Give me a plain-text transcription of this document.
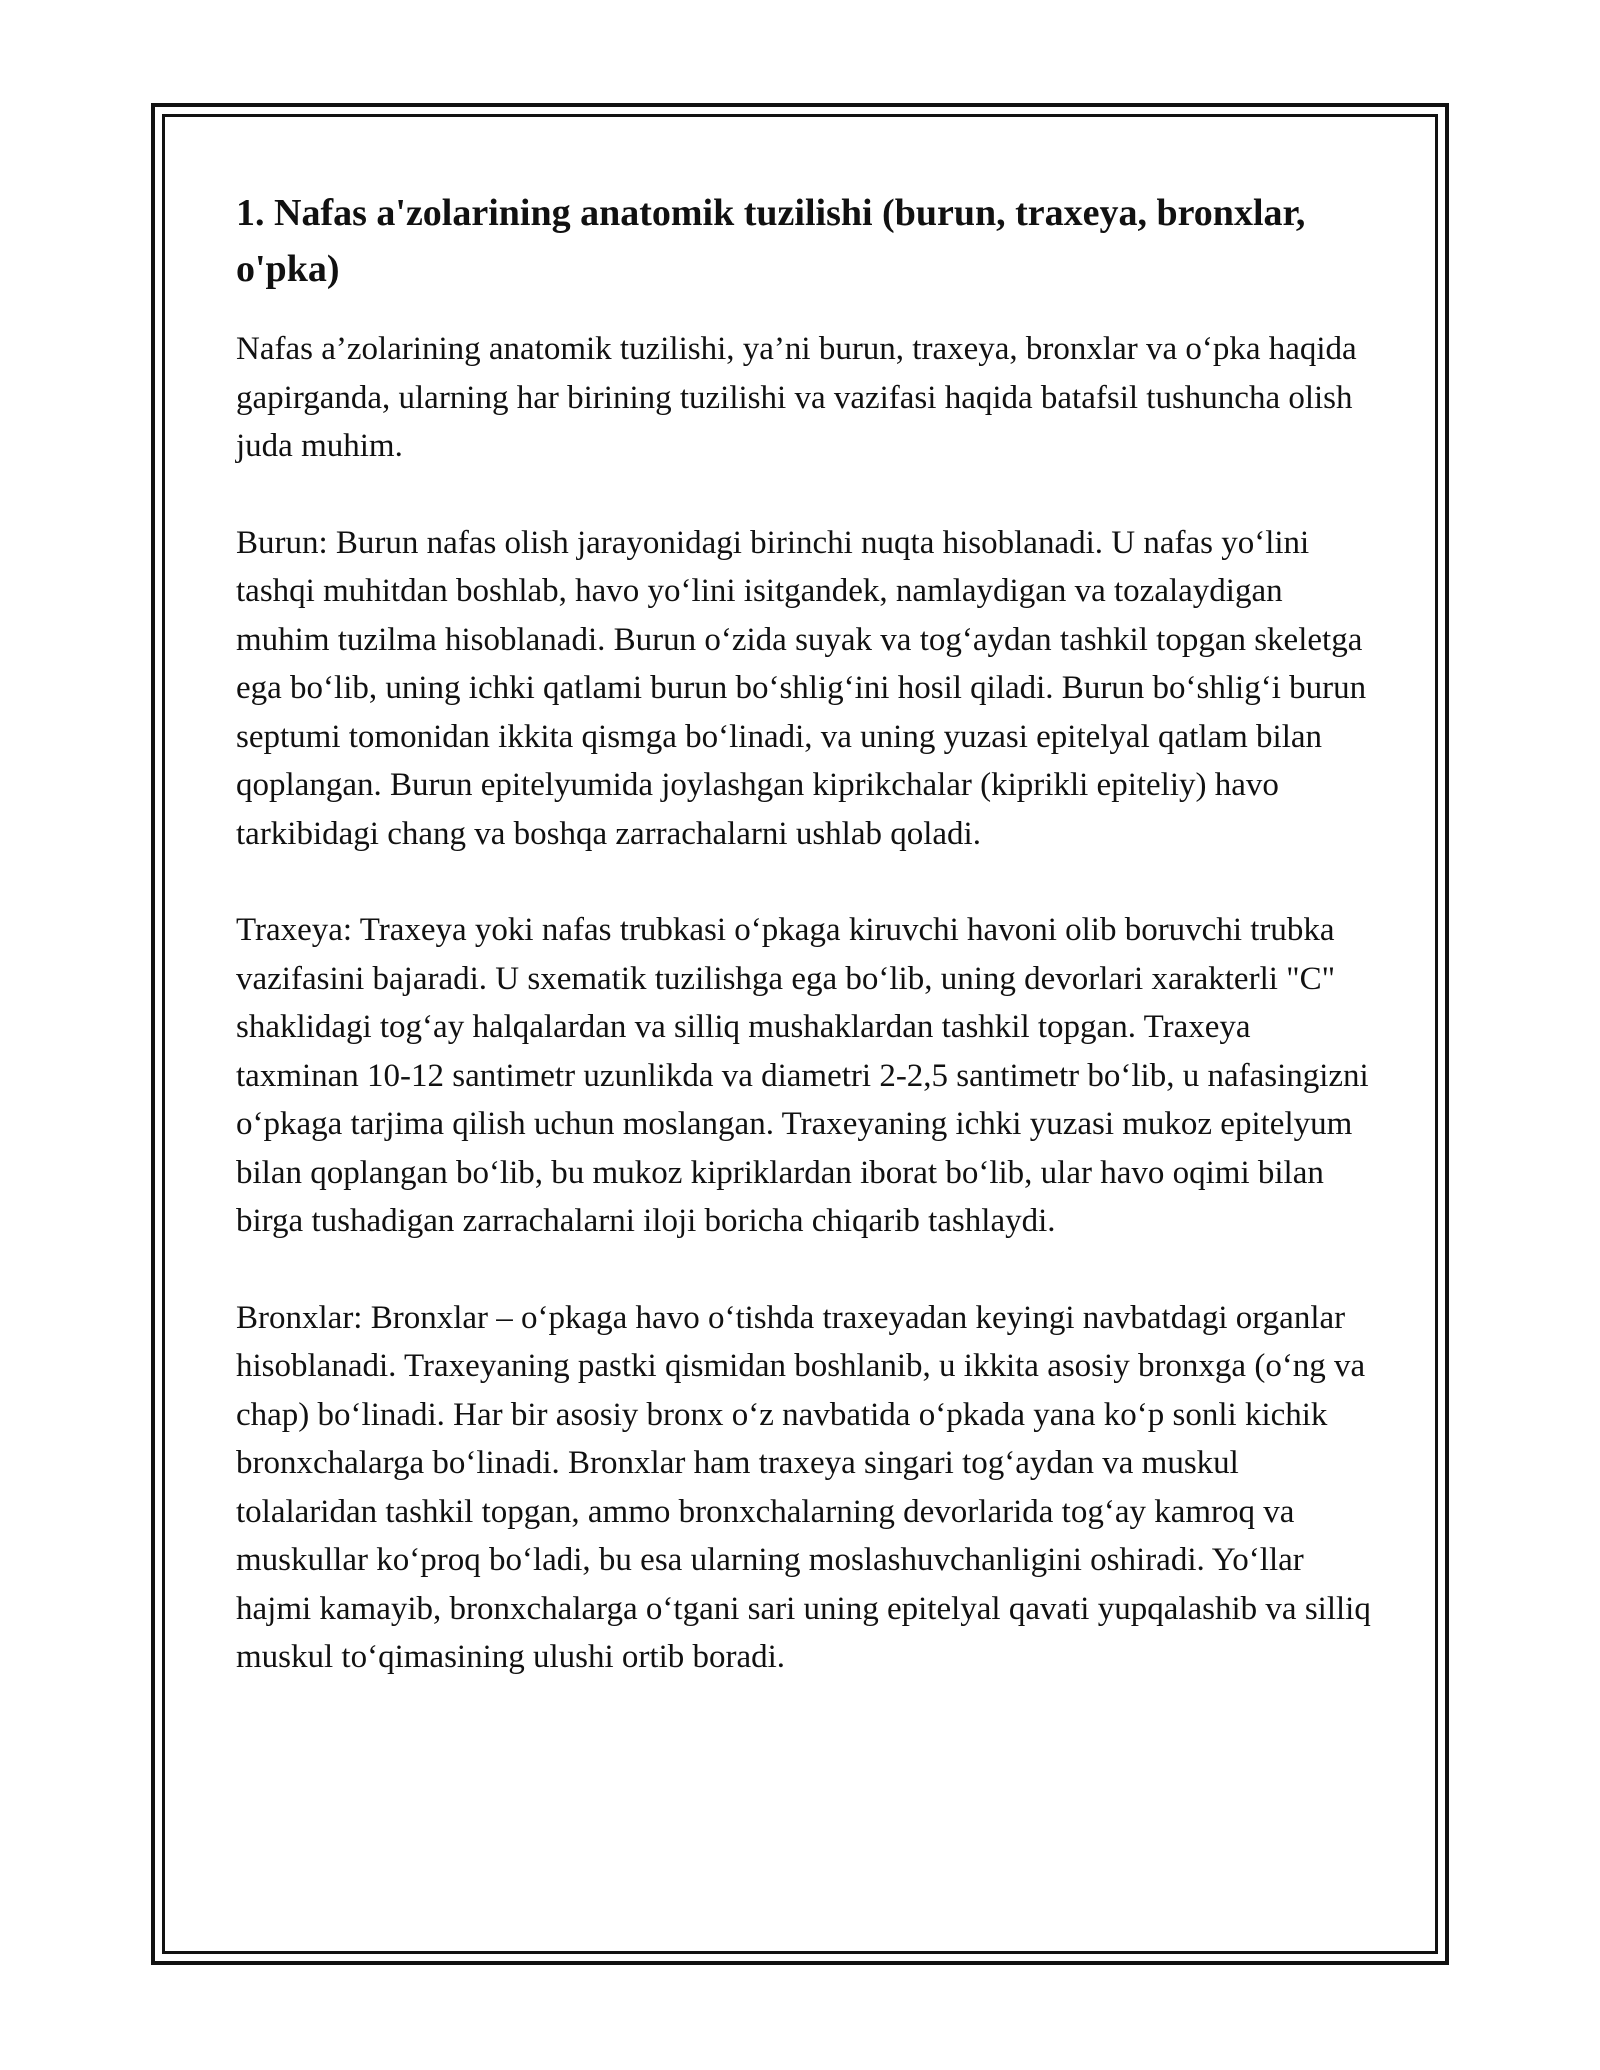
1. Nafas a'zolarining anatomik tuzilishi (burun, traxeya, bronxlar, o'pka)

Nafas a’zolarining anatomik tuzilishi, ya’ni burun, traxeya, bronxlar va o‘pka haqida gapirganda, ularning har birining tuzilishi va vazifasi haqida batafsil tushuncha olish juda muhim.

Burun: Burun nafas olish jarayonidagi birinchi nuqta hisoblanadi. U nafas yo‘lini tashqi muhitdan boshlab, havo yo‘lini isitgandek, namlaydigan va tozalaydigan muhim tuzilma hisoblanadi. Burun o‘zida suyak va tog‘aydan tashkil topgan skeletga ega bo‘lib, uning ichki qatlami burun bo‘shlig‘ini hosil qiladi. Burun bo‘shlig‘i burun septumi tomonidan ikkita qismga bo‘linadi, va uning yuzasi epitelyal qatlam bilan qoplangan. Burun epitelyumida joylashgan kiprikchalar (kiprikli epiteliy) havo tarkibidagi chang va boshqa zarrachalarni ushlab qoladi.

Traxeya: Traxeya yoki nafas trubkasi o‘pkaga kiruvchi havoni olib boruvchi trubka vazifasini bajaradi. U sxematik tuzilishga ega bo‘lib, uning devorlari xarakterli "C" shaklidagi tog‘ay halqalardan va silliq mushaklardan tashkil topgan. Traxeya taxminan 10-12 santimetr uzunlikda va diametri 2-2,5 santimetr bo‘lib, u nafasingizni o‘pkaga tarjima qilish uchun moslangan. Traxeyaning ichki yuzasi mukoz epitelyum bilan qoplangan bo‘lib, bu mukoz kipriklardan iborat bo‘lib, ular havo oqimi bilan birga tushadigan zarrachalarni iloji boricha chiqarib tashlaydi.

Bronxlar: Bronxlar – o‘pkaga havo o‘tishda traxeyadan keyingi navbatdagi organlar hisoblanadi. Traxeyaning pastki qismidan boshlanib, u ikkita asosiy bronxga (o‘ng va chap) bo‘linadi. Har bir asosiy bronx o‘z navbatida o‘pkada yana ko‘p sonli kichik bronxchalarga bo‘linadi. Bronxlar ham traxeya singari tog‘aydan va muskul tolalaridan tashkil topgan, ammo bronxchalarning devorlarida tog‘ay kamroq va muskullar ko‘proq bo‘ladi, bu esa ularning moslashuvchanligini oshiradi. Yo‘llar hajmi kamayib, bronxchalarga o‘tgani sari uning epitelyal qavati yupqalashib va silliq muskul to‘qimasining ulushi ortib boradi.
